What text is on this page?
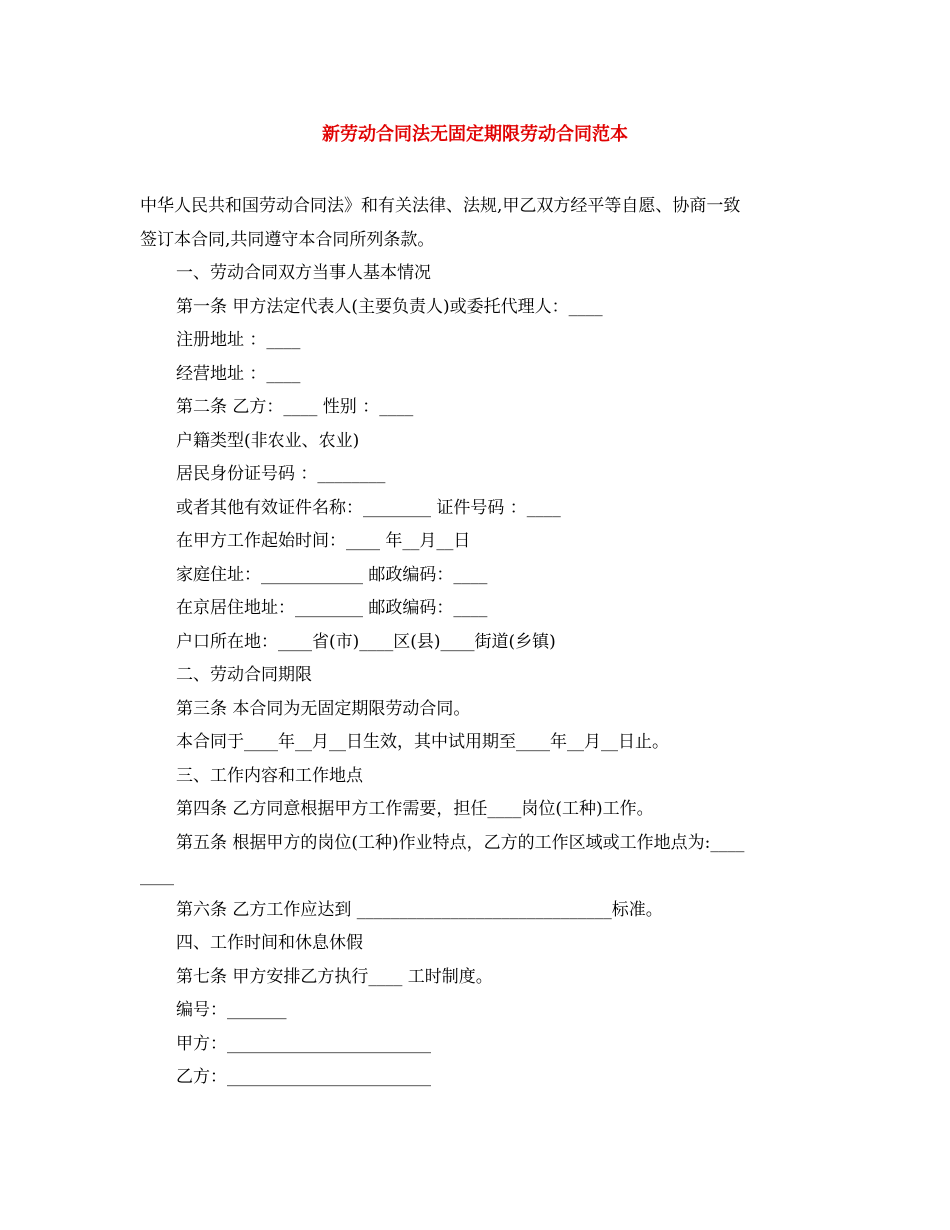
新劳动合同法无固定期限劳动合同范本
中华人民共和国劳动合同法》和有关法律、法规,甲乙双方经平等自愿、协商一致
签订本合同,共同遵守本合同所列条款。
一、劳动合同双方当事人基本情况
第一条 甲方法定代表人(主要负责人)或委托代理人：____
注册地址 ：____
经营地址 ：____
第二条 乙方：____ 性别 ：____
户籍类型(非农业、农业)
居民身份证号码 ：________
或者其他有效证件名称：________ 证件号码 ：____
在甲方工作起始时间：____ 年__月__日
家庭住址：____________ 邮政编码：____
在京居住地址：________ 邮政编码：____
户口所在地：____省(市)____区(县)____街道(乡镇)
二、劳动合同期限
第三条 本合同为无固定期限劳动合同。
本合同于____年__月__日生效，其中试用期至____年__月__日止。
三、工作内容和工作地点
第四条 乙方同意根据甲方工作需要，担任____岗位(工种)工作。
第五条 根据甲方的岗位(工种)作业特点，乙方的工作区域或工作地点为:____
____
第六条 乙方工作应达到 ______________________________标准。
四、工作时间和休息休假
第七条 甲方安排乙方执行____ 工时制度。
编号：_______
甲方：________________________
乙方：________________________
